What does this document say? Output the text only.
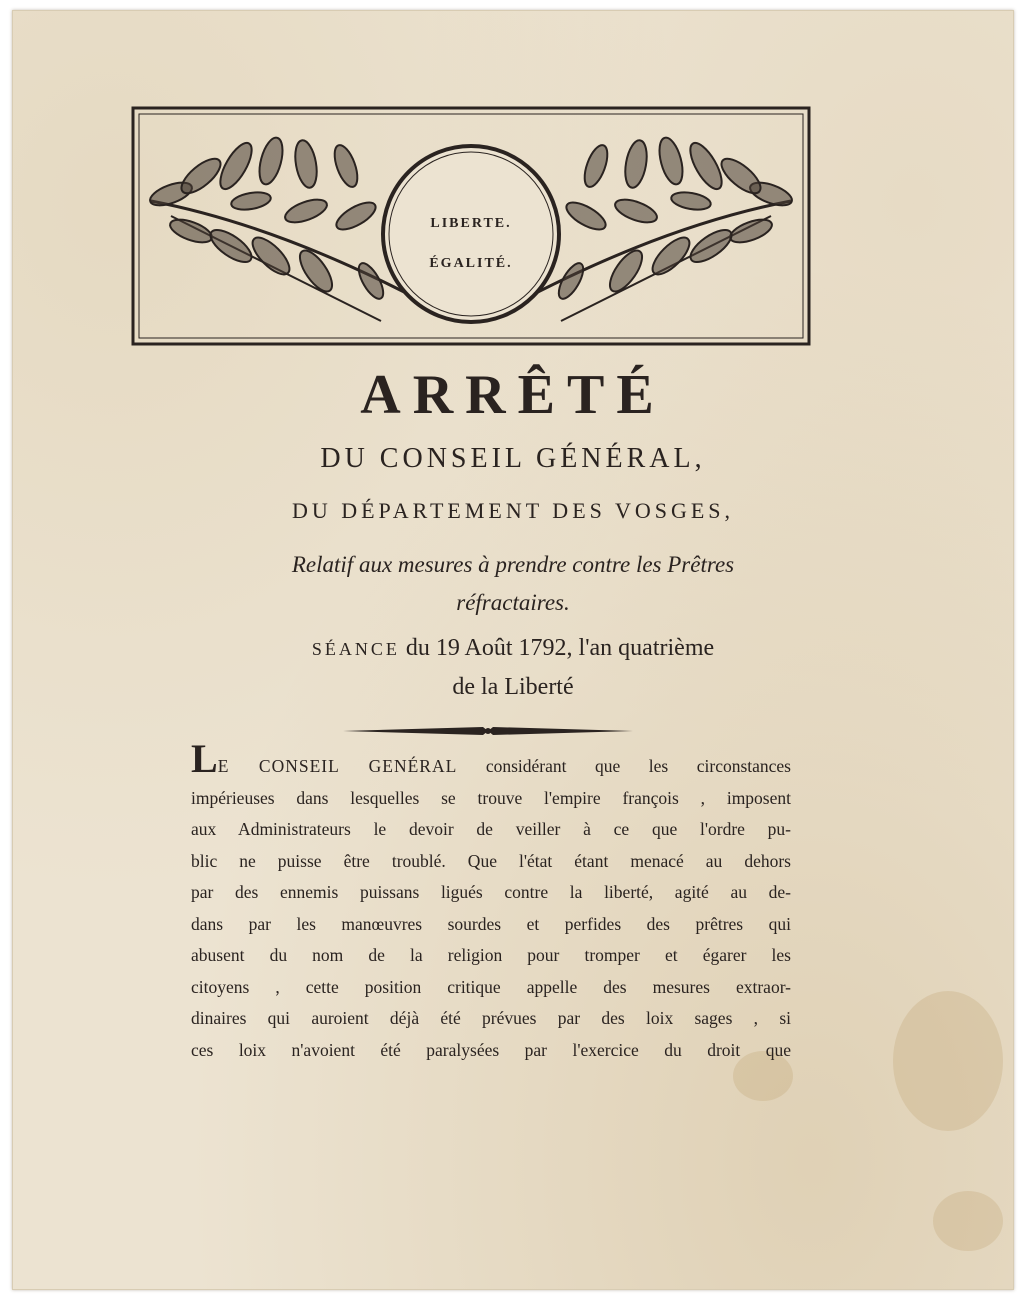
LIBERTE.
ÉGALITÉ.
ARRÊTÉ
DU CONSEIL GÉNÉRAL,
DU DÉPARTEMENT DES VOSGES,
Relatif aux mesures à prendre contre les Prêtres
réfractaires.
SÉANCE du 19 Août 1792, l'an quatrième
de la Liberté
LE CONSEIL GENÉRAL considérant que les circonstances
impérieuses dans lesquelles se trouve l'empire françois , imposent
aux Administrateurs le devoir de veiller à ce que l'ordre pu-
blic ne puisse être troublé. Que l'état étant menacé au dehors
par des ennemis puissans ligués contre la liberté, agité au de-
dans par les manœuvres sourdes et perfides des prêtres qui
abusent du nom de la religion pour tromper et égarer les
citoyens , cette position critique appelle des mesures extraor-
dinaires qui auroient déjà été prévues par des loix sages , si
ces loix n'avoient été paralysées par l'exercice du droit que
